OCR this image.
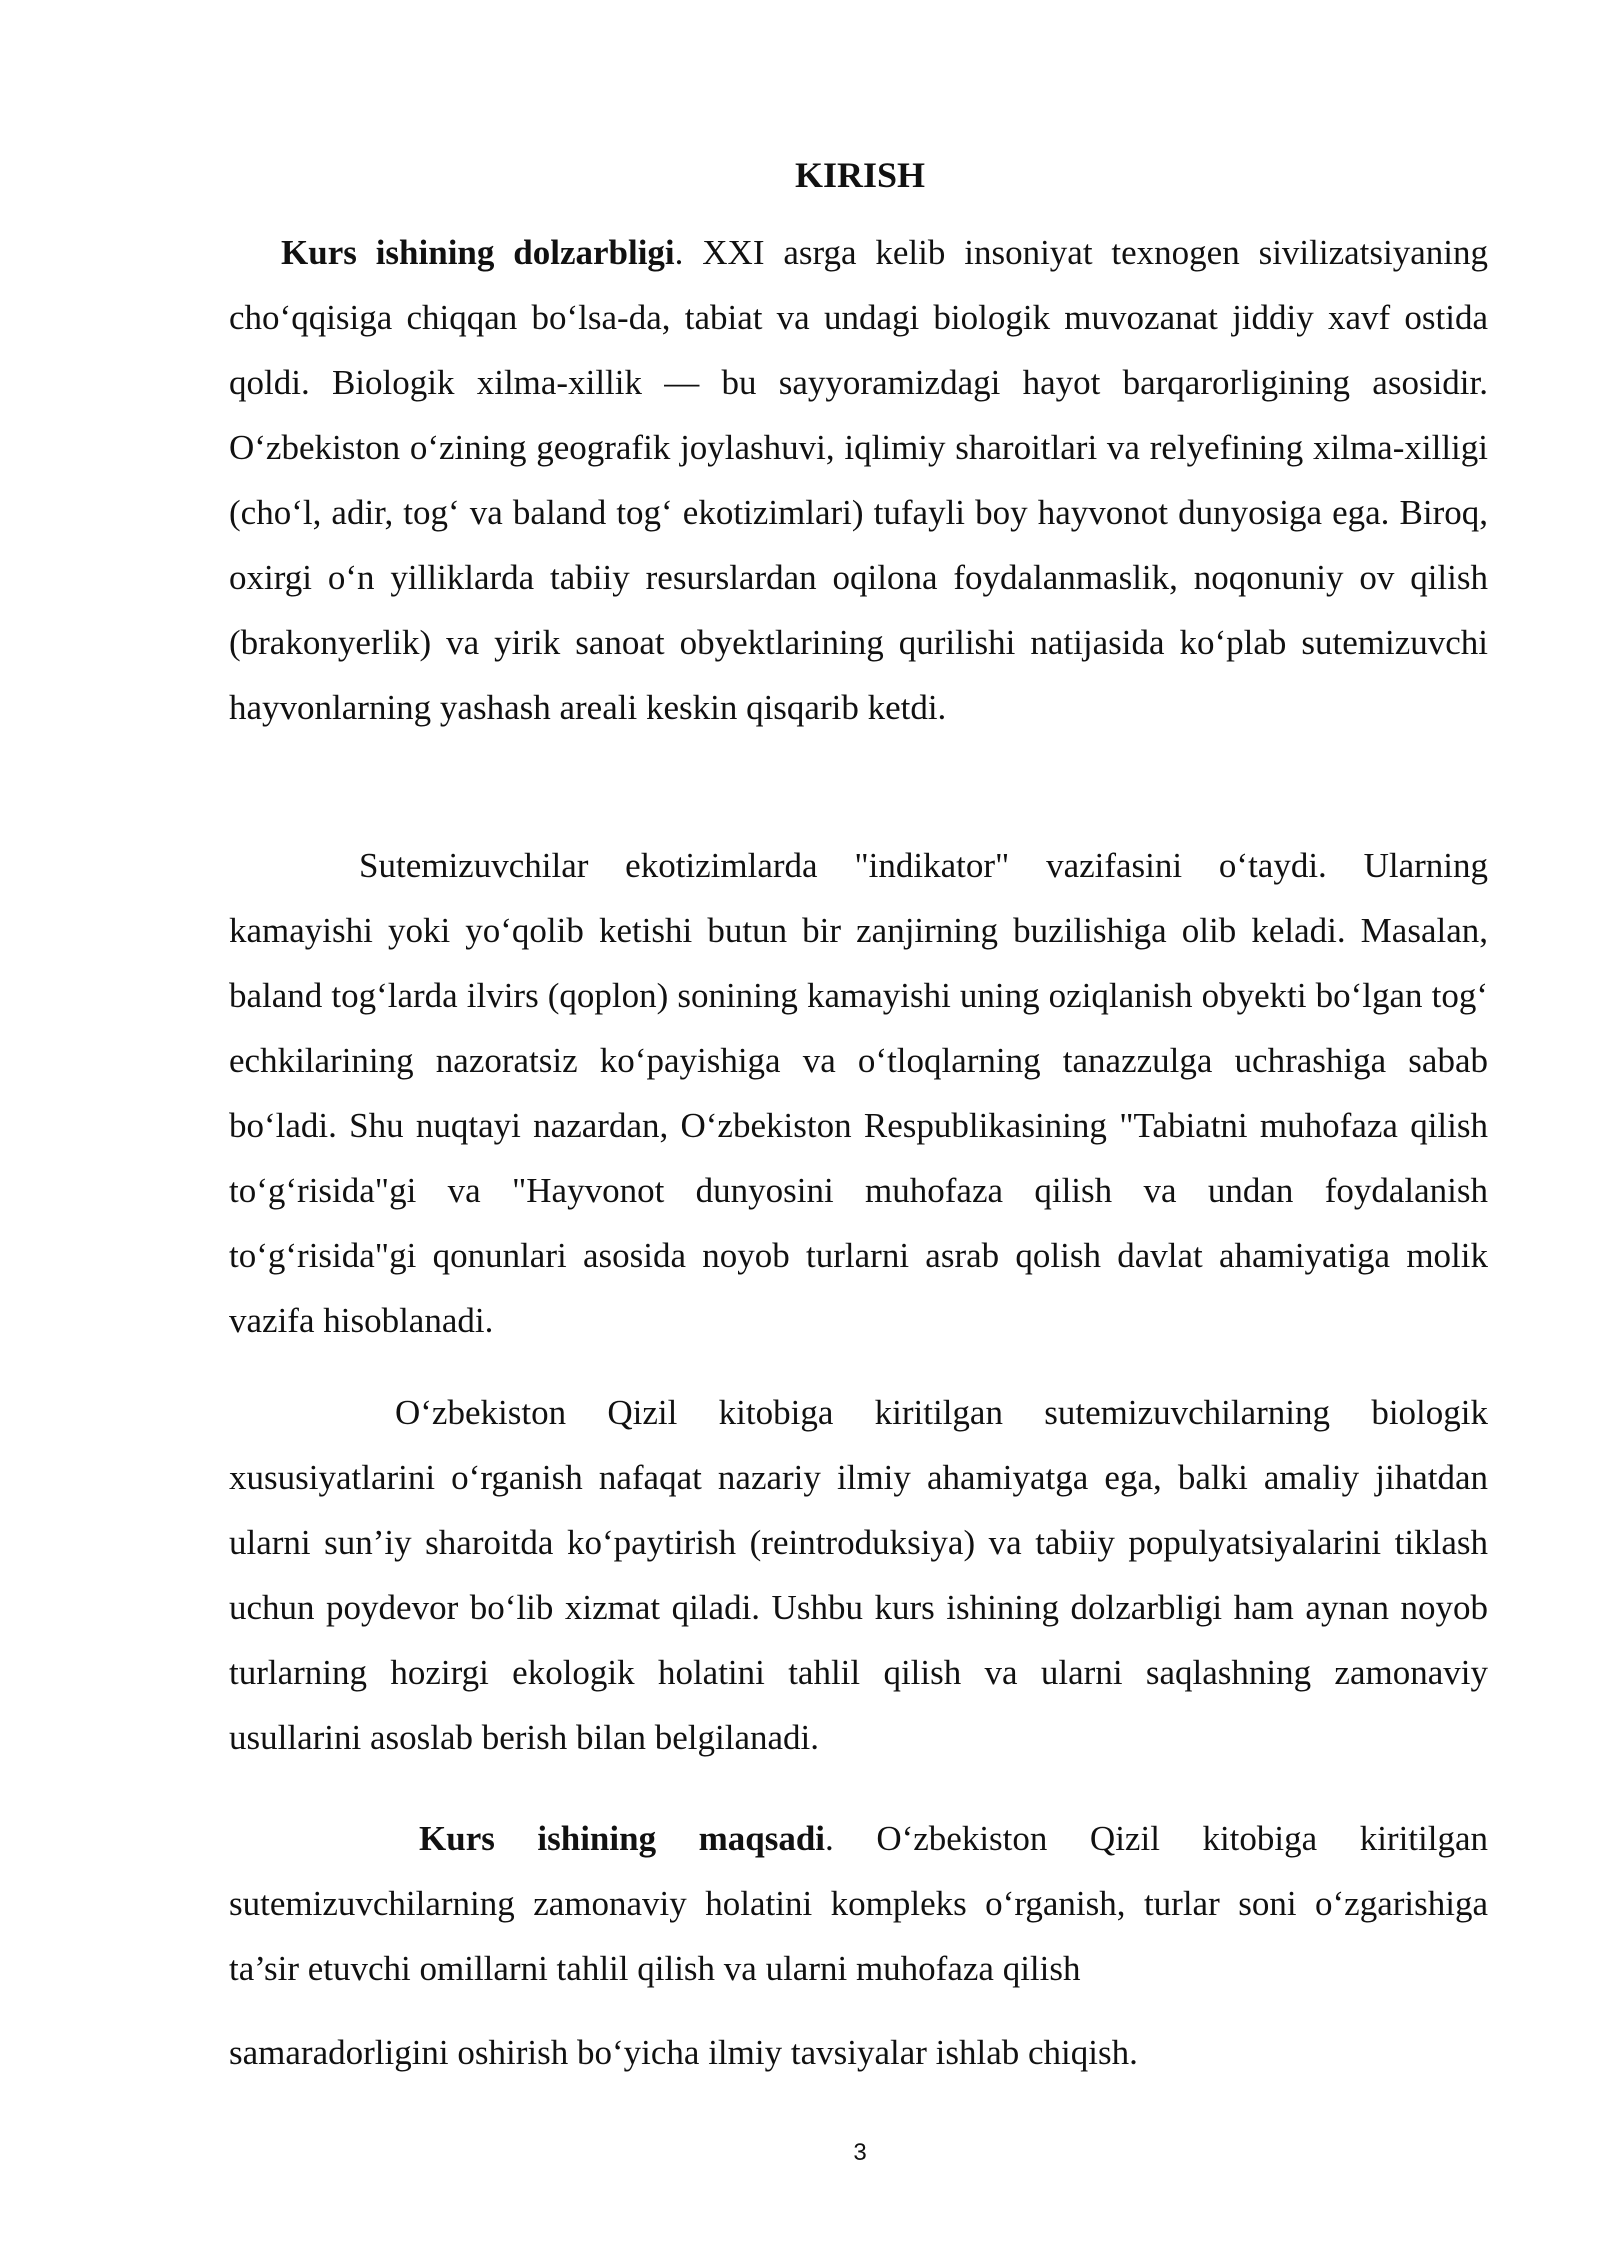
KIRISH

Kurs ishining dolzarbligi. XXI asrga kelib insoniyat texnogen sivilizatsiyaning cho‘qqisiga chiqqan bo‘lsa-da, tabiat va undagi biologik muvozanat jiddiy xavf ostida qoldi. Biologik xilma-xillik — bu sayyoramizdagi hayot barqarorligining asosidir. O‘zbekiston o‘zining geografik joylashuvi, iqlimiy sharoitlari va relyefining xilma-xilligi (cho‘l, adir, tog‘ va baland tog‘ ekotizimlari) tufayli boy hayvonot dunyosiga ega. Biroq, oxirgi o‘n yilliklarda tabiiy resurslardan oqilona foydalanmaslik, noqonuniy ov qilish (brakonyerlik) va yirik sanoat obyektlarining qurilishi natijasida ko‘plab sutemizuvchi hayvonlarning yashash areali keskin qisqarib ketdi.

Sutemizuvchilar ekotizimlarda "indikator" vazifasini o‘taydi. Ularning kamayishi yoki yo‘qolib ketishi butun bir zanjirning buzilishiga olib keladi. Masalan, baland tog‘larda ilvirs (qoplon) sonining kamayishi uning oziqlanish obyekti bo‘lgan tog‘ echkilarining nazoratsiz ko‘payishiga va o‘tloqlarning tanazzulga uchrashiga sabab bo‘ladi. Shu nuqtayi nazardan, O‘zbekiston Respublikasining "Tabiatni muhofaza qilish to‘g‘risida"gi va "Hayvonot dunyosini muhofaza qilish va undan foydalanish to‘g‘risida"gi qonunlari asosida noyob turlarni asrab qolish davlat ahamiyatiga molik vazifa hisoblanadi.

O‘zbekiston Qizil kitobiga kiritilgan sutemizuvchilarning biologik xususiyatlarini o‘rganish nafaqat nazariy ilmiy ahamiyatga ega, balki amaliy jihatdan ularni sun’iy sharoitda ko‘paytirish (reintroduksiya) va tabiiy populyatsiyalarini tiklash uchun poydevor bo‘lib xizmat qiladi. Ushbu kurs ishining dolzarbligi ham aynan noyob turlarning hozirgi ekologik holatini tahlil qilish va ularni saqlashning zamonaviy usullarini asoslab berish bilan belgilanadi.

Kurs ishining maqsadi. O‘zbekiston Qizil kitobiga kiritilgan sutemizuvchilarning zamonaviy holatini kompleks o‘rganish, turlar soni o‘zgarishiga ta’sir etuvchi omillarni tahlil qilish va ularni muhofaza qilish

samaradorligini oshirish bo‘yicha ilmiy tavsiyalar ishlab chiqish.

3
